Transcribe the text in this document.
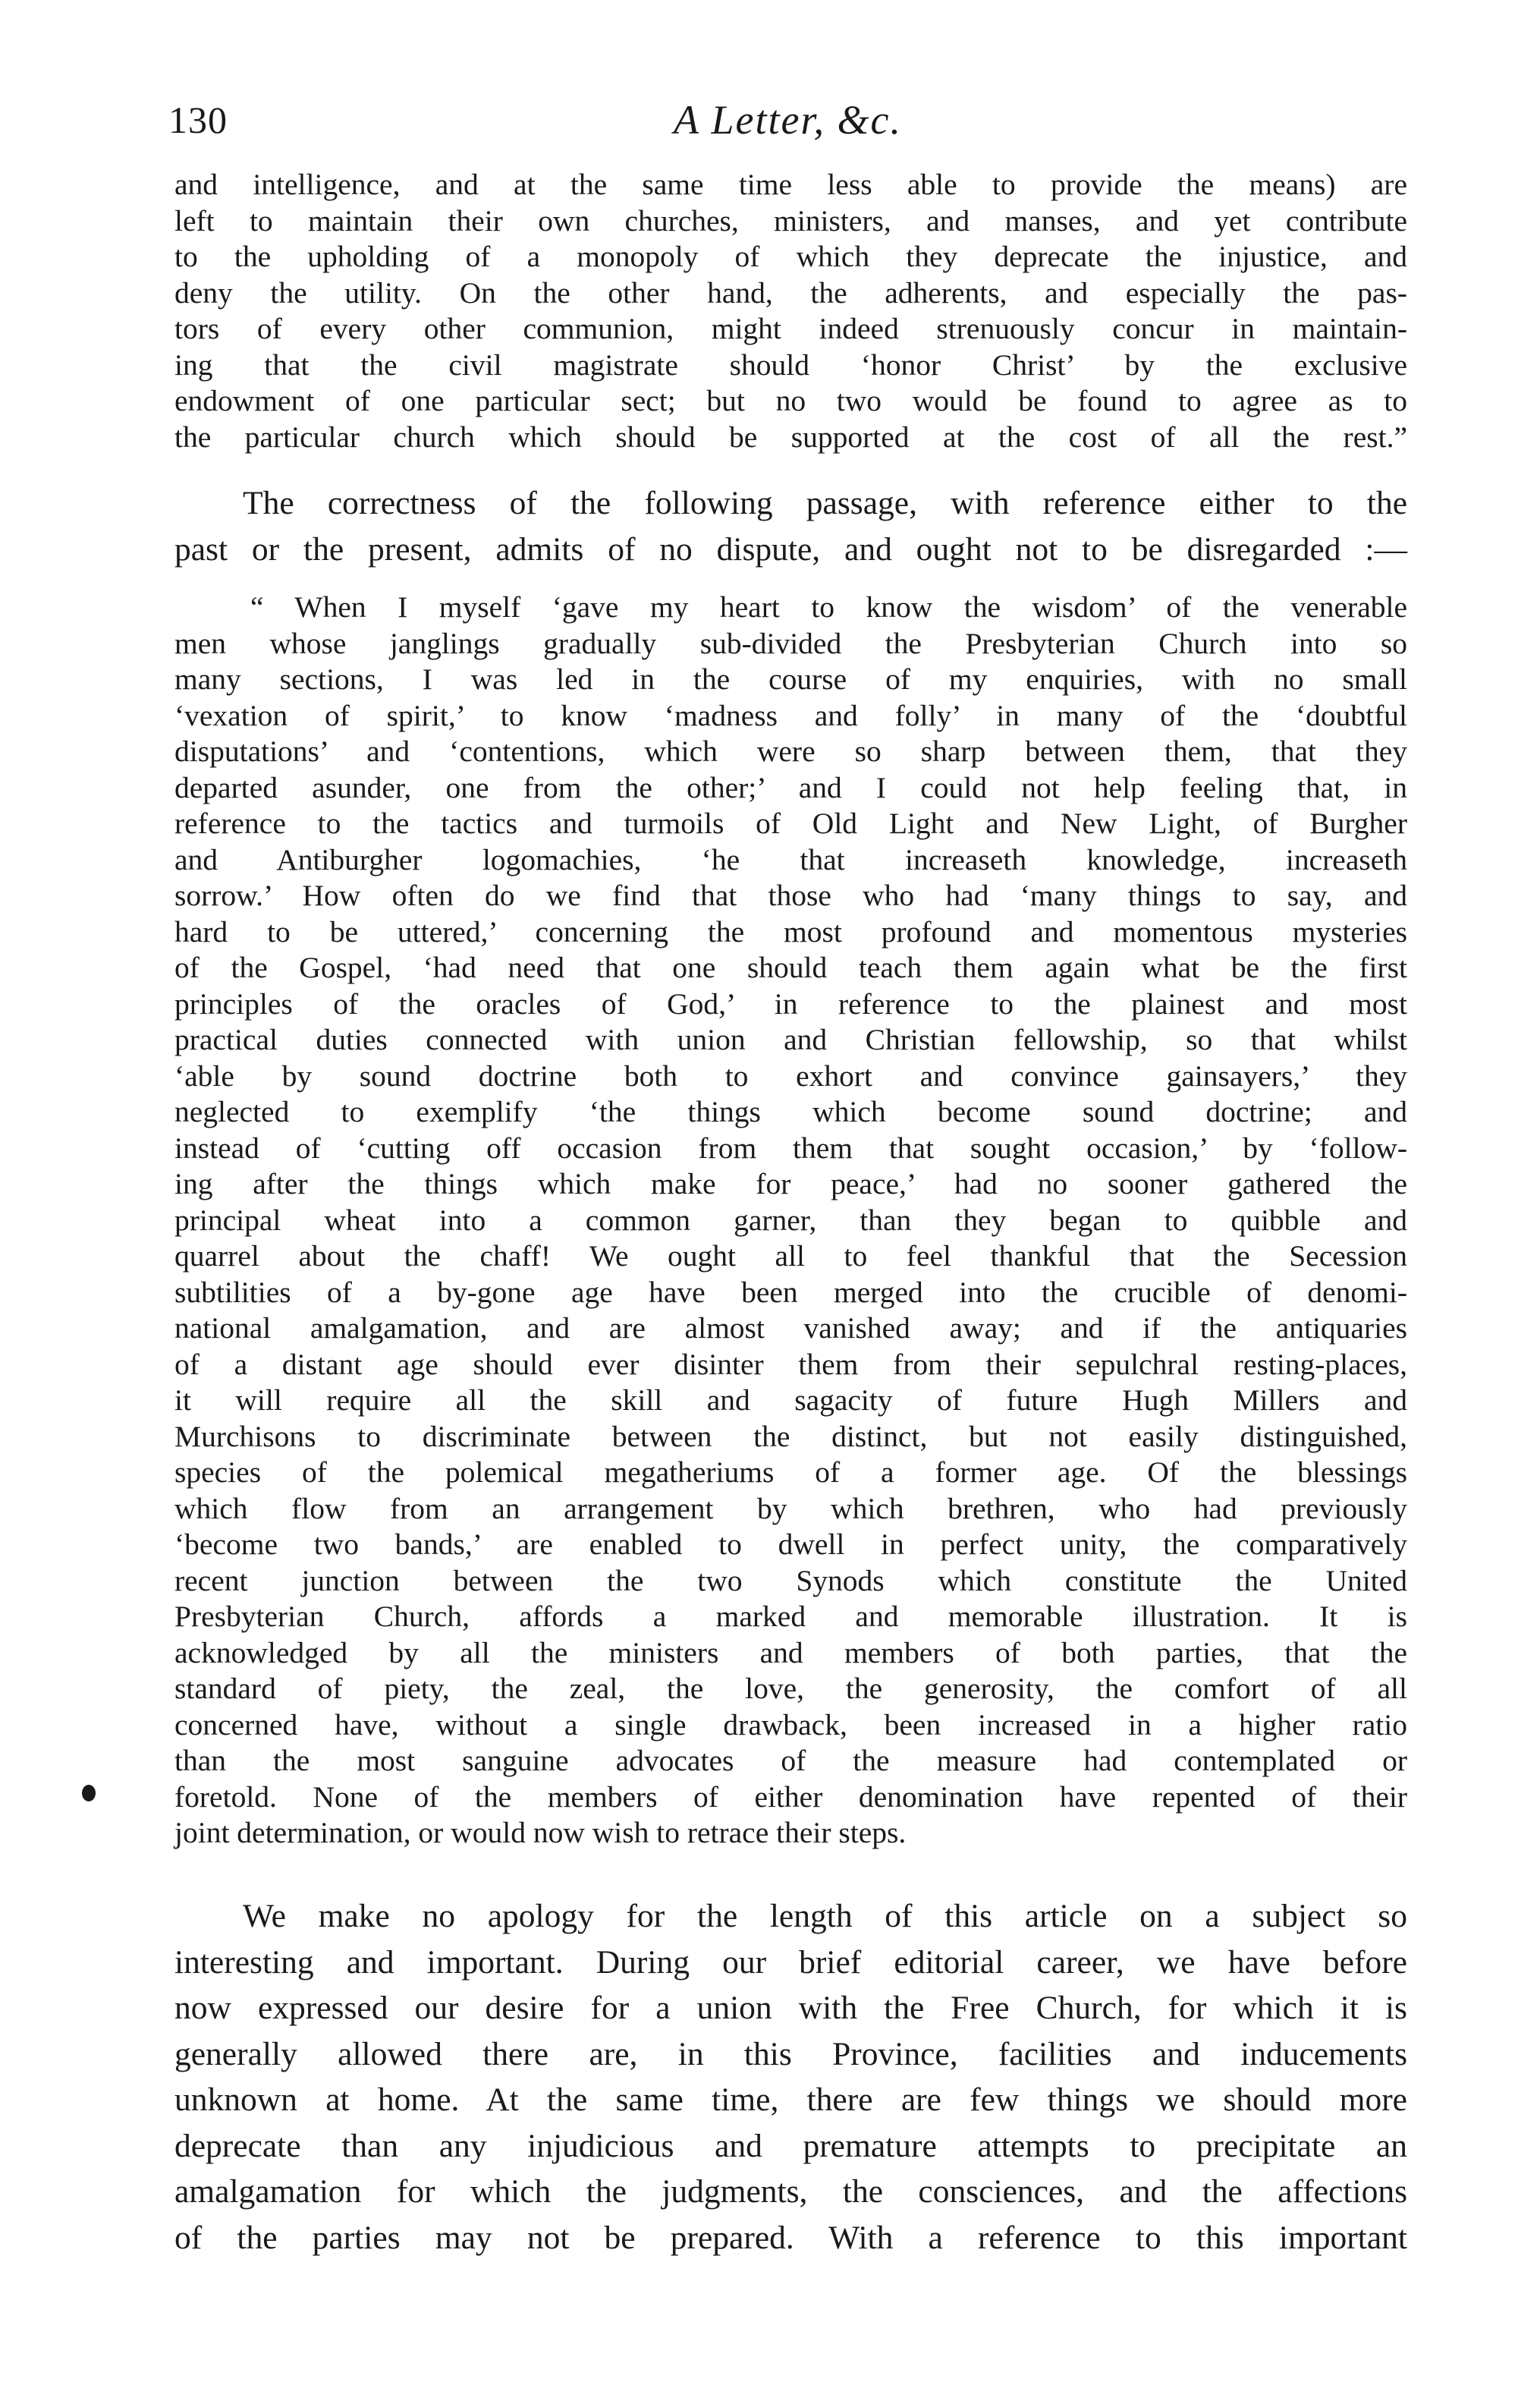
130	A Letter, &c.
and intelligence, and at the same time less able to provide the means) are
left to maintain their own churches, ministers, and manses, and yet contribute
to the upholding of a monopoly of which they deprecate the injustice, and
deny the utility. On the other hand, the adherents, and especially the pas-
tors of every other communion, might indeed strenuously concur in maintain-
ing that the civil magistrate should ‘honor Christ’ by the exclusive
endowment of one particular sect; but no two would be found to agree as to
the particular church which should be supported at the cost of all the rest.”
The correctness of the following passage, with reference either to the
past or the present, admits of no dispute, and ought not to be disregarded :—
“ When I myself ‘gave my heart to know the wisdom’ of the venerable
men whose janglings gradually sub-divided the Presbyterian Church into so
many sections, I was led in the course of my enquiries, with no small
‘vexation of spirit,’ to know ‘madness and folly’ in many of the ‘doubtful
disputations’ and ‘contentions, which were so sharp between them, that they
departed asunder, one from the other;’ and I could not help feeling that, in
reference to the tactics and turmoils of Old Light and New Light, of Burgher
and Antiburgher logomachies, ‘he that increaseth knowledge, increaseth
sorrow.’ How often do we find that those who had ‘many things to say, and
hard to be uttered,’ concerning the most profound and momentous mysteries
of the Gospel, ‘had need that one should teach them again what be the first
principles of the oracles of God,’ in reference to the plainest and most
practical duties connected with union and Christian fellowship, so that whilst
‘able by sound doctrine both to exhort and convince gainsayers,’ they
neglected to exemplify ‘the things which become sound doctrine; and
instead of ‘cutting off occasion from them that sought occasion,’ by ‘follow-
ing after the things which make for peace,’ had no sooner gathered the
principal wheat into a common garner, than they began to quibble and
quarrel about the chaff! We ought all to feel thankful that the Secession
subtilities of a by-gone age have been merged into the crucible of denomi-
national amalgamation, and are almost vanished away; and if the antiquaries
of a distant age should ever disinter them from their sepulchral resting-places,
it will require all the skill and sagacity of future Hugh Millers and
Murchisons to discriminate between the distinct, but not easily distinguished,
species of the polemical megatheriums of a former age. Of the blessings
which flow from an arrangement by which brethren, who had previously
‘become two bands,’ are enabled to dwell in perfect unity, the comparatively
recent junction between the two Synods which constitute the United
Presbyterian Church, affords a marked and memorable illustration. It is
acknowledged by all the ministers and members of both parties, that the
standard of piety, the zeal, the love, the generosity, the comfort of all
concerned have, without a single drawback, been increased in a higher ratio
than the most sanguine advocates of the measure had contemplated or
foretold. None of the members of either denomination have repented of their
joint determination, or would now wish to retrace their steps.
We make no apology for the length of this article on a subject so
interesting and important. During our brief editorial career, we have before
now expressed our desire for a union with the Free Church, for which it is
generally allowed there are, in this Province, facilities and inducements
unknown at home. At the same time, there are few things we should more
deprecate than any injudicious and premature attempts to precipitate an
amalgamation for which the judgments, the consciences, and the affections
of the parties may not be prepared. With a reference to this important
